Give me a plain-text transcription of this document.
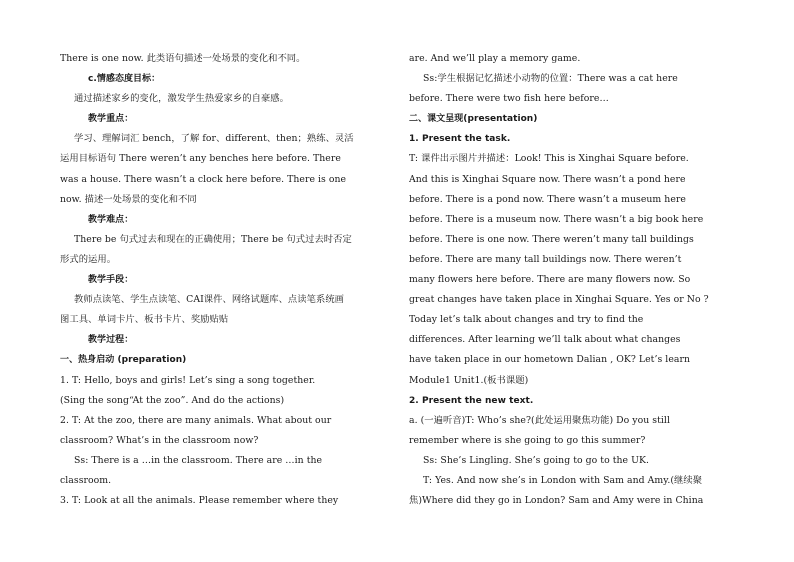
There is one now. 此类语句描述一处场景的变化和不同。
c.情感态度目标：
通过描述家乡的变化，激发学生热爱家乡的自豪感。
教学重点：
学习、理解词汇 bench，了解 for、different、then；熟练、灵活
运用目标语句 There weren’t any benches here before. There
was a house. There wasn’t a clock here before. There is one
now. 描述一处场景的变化和不同
教学难点：
There be 句式过去和现在的正确使用；There be 句式过去时否定
形式的运用。
教学手段：
教师点读笔、学生点读笔、CAI课件、网络试题库、点读笔系统画
图工具、单词卡片、板书卡片、奖励贴贴
教学过程：
一、热身启动 (preparation)
1. T: Hello, boys and girls! Let’s sing a song together.
(Sing the song“At the zoo”. And do the actions)
2. T: At the zoo, there are many animals. What about our
classroom? What’s in the classroom now?
Ss: There is a …in the classroom. There are …in the
classroom.
3. T: Look at all the animals. Please remember where they
are. And we’ll play a memory game.
Ss:学生根据记忆描述小动物的位置：There was a cat here
before. There were two fish here before…
二、课文呈现(presentation)
1. Present the task.
T: 课件出示图片并描述：Look! This is Xinghai Square before.
And this is Xinghai Square now. There wasn’t a pond here
before. There is a pond now. There wasn’t a museum here
before. There is a museum now. There wasn’t a big book here
before. There is one now. There weren’t many tall buildings
before. There are many tall buildings now. There weren’t
many flowers here before. There are many flowers now. So
great changes have taken place in Xinghai Square. Yes or No ?
Today let’s talk about changes and try to find the
differences. After learning we’ll talk about what changes
have taken place in our hometown Dalian , OK? Let’s learn
Module1 Unit1.(板书课题)
2. Present the new text.
a. (一遍听音)T: Who’s she?(此处运用聚焦功能) Do you still
remember where is she going to go this summer?
Ss: She’s Lingling. She’s going to go to the UK.
T: Yes. And now she’s in London with Sam and Amy.(继续聚
焦)Where did they go in London? Sam and Amy were in China
